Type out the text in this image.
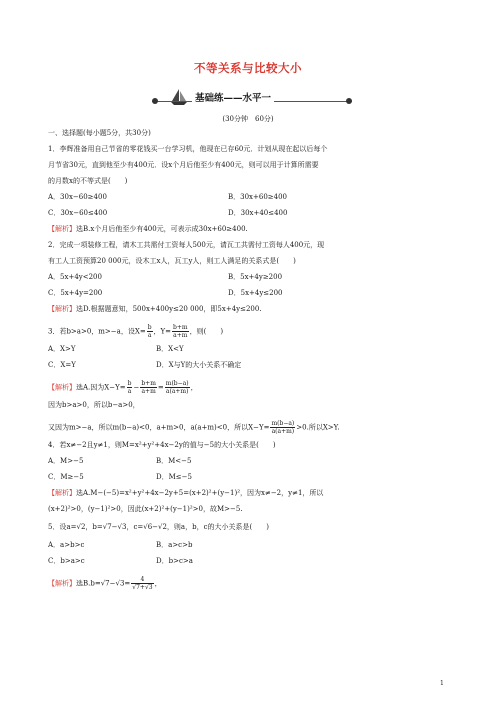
不等关系与比较大小
基础练——水平一
(30分钟　60分)
一、选择题(每小题5分，共30分)
1．李辉准备用自己节省的零花钱买一台学习机，他现在已存60元．计划从现在起以后每个
月节省30元，直到他至少有400元．设x个月后他至少有400元，则可以用于计算所需要
的月数x的不等式是(　　)
A．30x−60≥400	B．30x+60≥400
C．30x−60≤400	D．30x+40≤400
【解析】选B.x个月后他至少有400元，可表示成30x+60≥400.
2．完成一项装修工程，请木工共需付工资每人500元，请瓦工共需付工资每人400元，现
有工人工资预算20 000元，设木工x人，瓦工y人，则工人满足的关系式是(　　)
A．5x+4y<200	B．5x+4y≥200
C．5x+4y=200	D．5x+4y≤200
【解析】选D.根据题意知，500x+400y≤20 000，即5x+4y≤200.
3．若b>a>0，m>−a，设$X= \frac{b}{a}$ ，$Y= \frac{b+m}{a+m}$ ，则(　　)
A．X>Y	B．X<Y
C．X=Y	D．X与Y的大小关系不确定
【解析】选A.因为$X-Y= \frac{b}{a} - \frac{b+m}{a+m} = \frac{m(b-a)}{a(a+m)}$ ，
因为b>a>0，所以b−a>0，
又因为m>−a，所以m(b−a)<0，a+m>0，a(a+m)<0，所以$X-Y= \frac{m(b-a)}{a(a+m)} >0$.所以X>Y.
4．若x≠−2且y≠1，则M=x²+y²+4x−2y的值与−5的大小关系是(　　)
A．M>−5	B．M<−5
C．M≥−5	D．M≤−5
【解析】选A.M−(−5)=x²+y²+4x−2y+5=(x+2)²+(y−1)²，因为x≠−2，y≠1，所以
(x+2)²>0，(y−1)²>0，因此(x+2)²+(y−1)²>0，故M>−5.
5．设a=√2，b=√7−√3，c=√6−√2，则a，b，c的大小关系是(　　)
A．a>b>c	B．a>c>b
C．b>a>c	D．b>c>a
【解析】选$B.b=√7-√3= \frac{4}{√7+√3}$ ，
1
